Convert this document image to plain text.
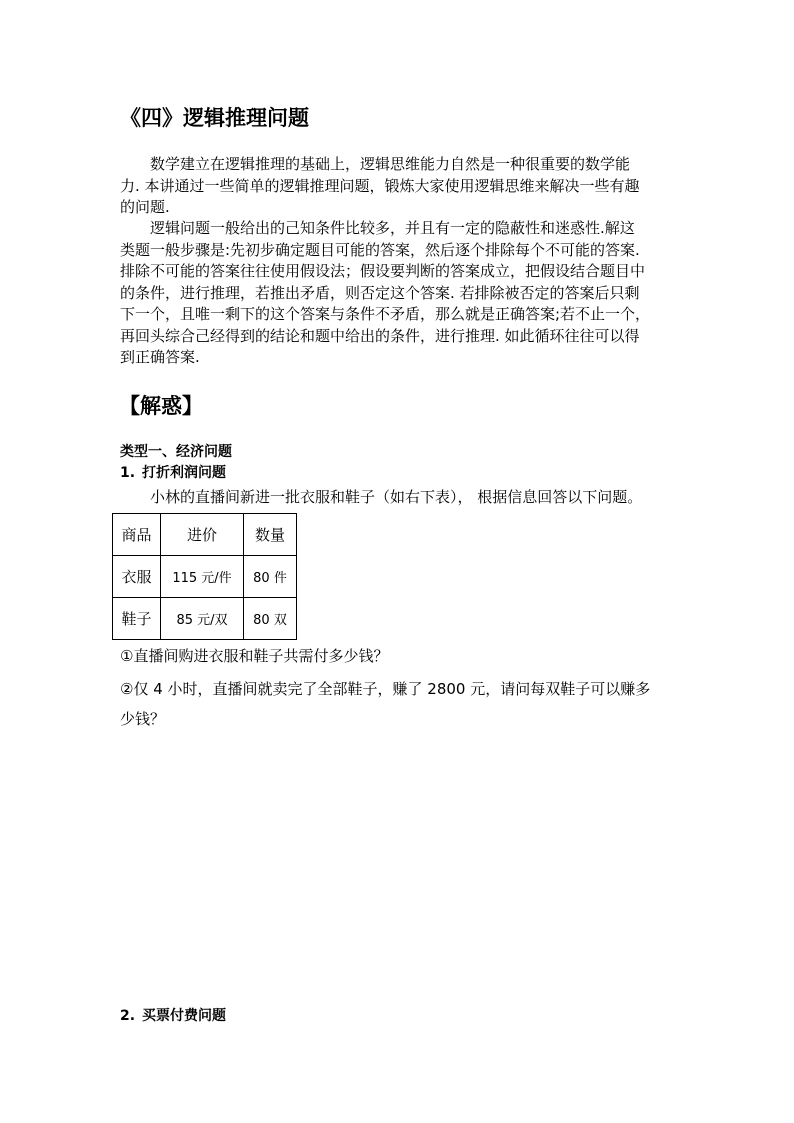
《四》逻辑推理问题
数学建立在逻辑推理的基础上，逻辑思维能力自然是一种很重要的数学能
力. 本讲通过一些简单的逻辑推理问题，锻炼大家使用逻辑思维来解决一些有趣
的问题.
逻辑问题一般给出的己知条件比较多，并且有一定的隐蔽性和迷惑性.解这
类题一般步骤是:先初步确定题目可能的答案，然后逐个排除每个不可能的答案.
排除不可能的答案往往使用假设法；假设要判断的答案成立，把假设结合题目中
的条件，进行推理，若推出矛盾，则否定这个答案. 若排除被否定的答案后只剩
下一个，且唯一剩下的这个答案与条件不矛盾，那么就是正确答案;若不止一个，
再回头综合己经得到的结论和题中给出的条件，进行推理. 如此循环往往可以得
到正确答案.
【解惑】
类型一、经济问题
1. 打折利润问题
小林的直播间新进一批衣服和鞋子（如右下表）， 根据信息回答以下问题。
商品	进价	数量
衣服	115 元/件	80 件
鞋子	85 元/双	80 双
①直播间购进衣服和鞋子共需付多少钱？
②仅 4 小时，直播间就卖完了全部鞋子，赚了 2800 元，请问每双鞋子可以赚多
少钱？
2. 买票付费问题
